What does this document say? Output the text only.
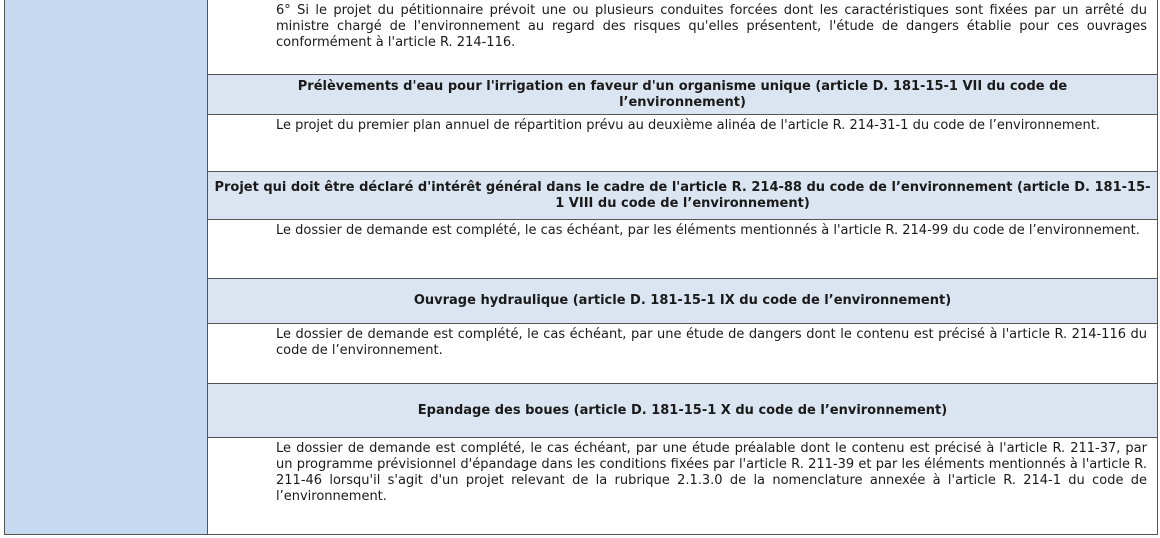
6° Si le projet du pétitionnaire prévoit une ou plusieurs conduites forcées dont les caractéristiques sont fixées par un arrêté du ministre chargé de l'environnement au regard des risques qu'elles présentent, l'étude de dangers établie pour ces ouvrages conformément à l'article R. 214-116.
Prélèvements d'eau pour l'irrigation en faveur d'un organisme unique (article D. 181-15-1 VII du code de l’environnement)
Le projet du premier plan annuel de répartition prévu au deuxième alinéa de l'article R. 214-31-1 du code de l’environnement.
Projet qui doit être déclaré d'intérêt général dans le cadre de l'article R. 214-88 du code de l’environnement (article D. 181-15-1 VIII du code de l’environnement)
Le dossier de demande est complété, le cas échéant, par les éléments mentionnés à l'article R. 214-99 du code de l’environnement.
Ouvrage hydraulique (article D. 181-15-1 IX du code de l’environnement)
Le dossier de demande est complété, le cas échéant, par une étude de dangers dont le contenu est précisé à l'article R. 214-116 du code de l’environnement.
Epandage des boues (article D. 181-15-1 X du code de l’environnement)
Le dossier de demande est complété, le cas échéant, par une étude préalable dont le contenu est précisé à l'article R. 211-37, par un programme prévisionnel d'épandage dans les conditions fixées par l'article R. 211-39 et par les éléments mentionnés à l'article R. 211-46 lorsqu'il s'agit d'un projet relevant de la rubrique 2.1.3.0 de la nomenclature annexée à l'article R. 214-1 du code de l’environnement.
